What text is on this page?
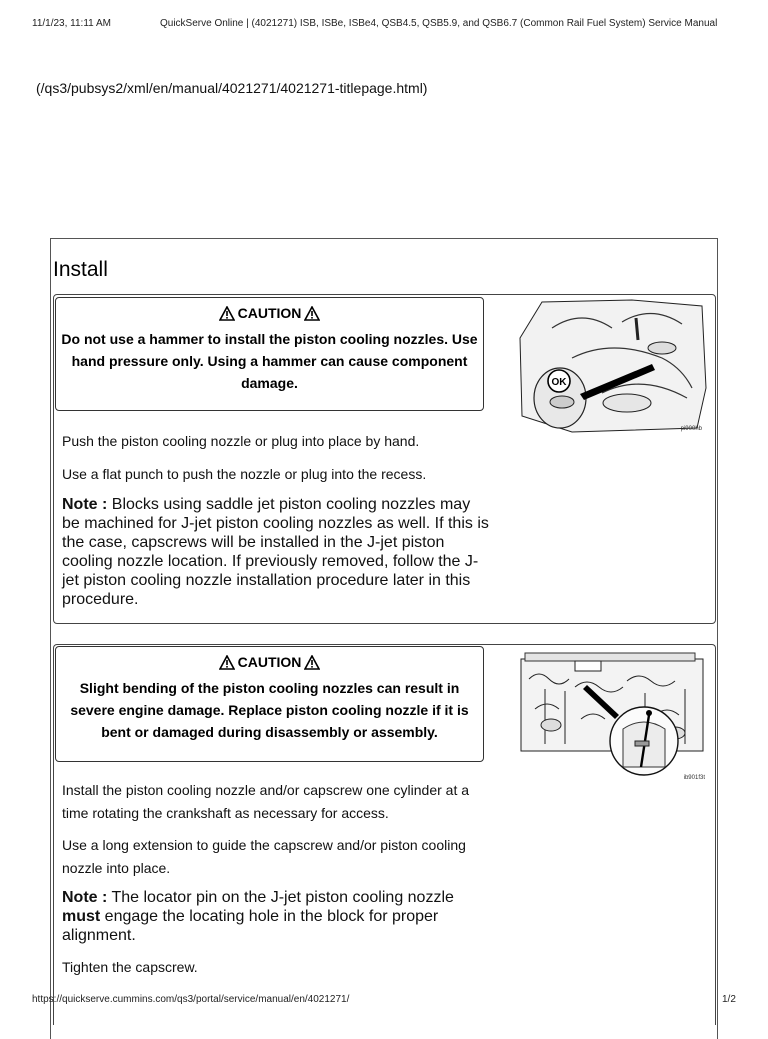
11/1/23, 11:11 AM	QuickServe Online | (4021271) ISB, ISBe, ISBe4, QSB4.5, QSB5.9, and QSB6.7 (Common Rail Fuel System) Service Manual
(/qs3/pubsys2/xml/en/manual/4021271/4021271-titlepage.html)
Install
CAUTION
Do not use a hammer to install the piston cooling nozzles. Use hand pressure only. Using a hammer can cause component damage.
Push the piston cooling nozzle or plug into place by hand.
Use a flat punch to push the nozzle or plug into the recess.
Note : Blocks using saddle jet piston cooling nozzles may be machined for J-jet piston cooling nozzles as well. If this is the case, capscrews will be installed in the J-jet piston cooling nozzle location. If previously removed, follow the J-jet piston cooling nozzle installation procedure later in this procedure.
OK
pi900hb
CAUTION
Slight bending of the piston cooling nozzles can result in severe engine damage. Replace piston cooling nozzle if it is bent or damaged during disassembly or assembly.
Install the piston cooling nozzle and/or capscrew one cylinder at a time rotating the crankshaft as necessary for access.
Use a long extension to guide the capscrew and/or piston cooling nozzle into place.
Note : The locator pin on the J-jet piston cooling nozzle must engage the locating hole in the block for proper alignment.
Tighten the capscrew.
ib901f3t
https://quickserve.cummins.com/qs3/portal/service/manual/en/4021271/	1/2
